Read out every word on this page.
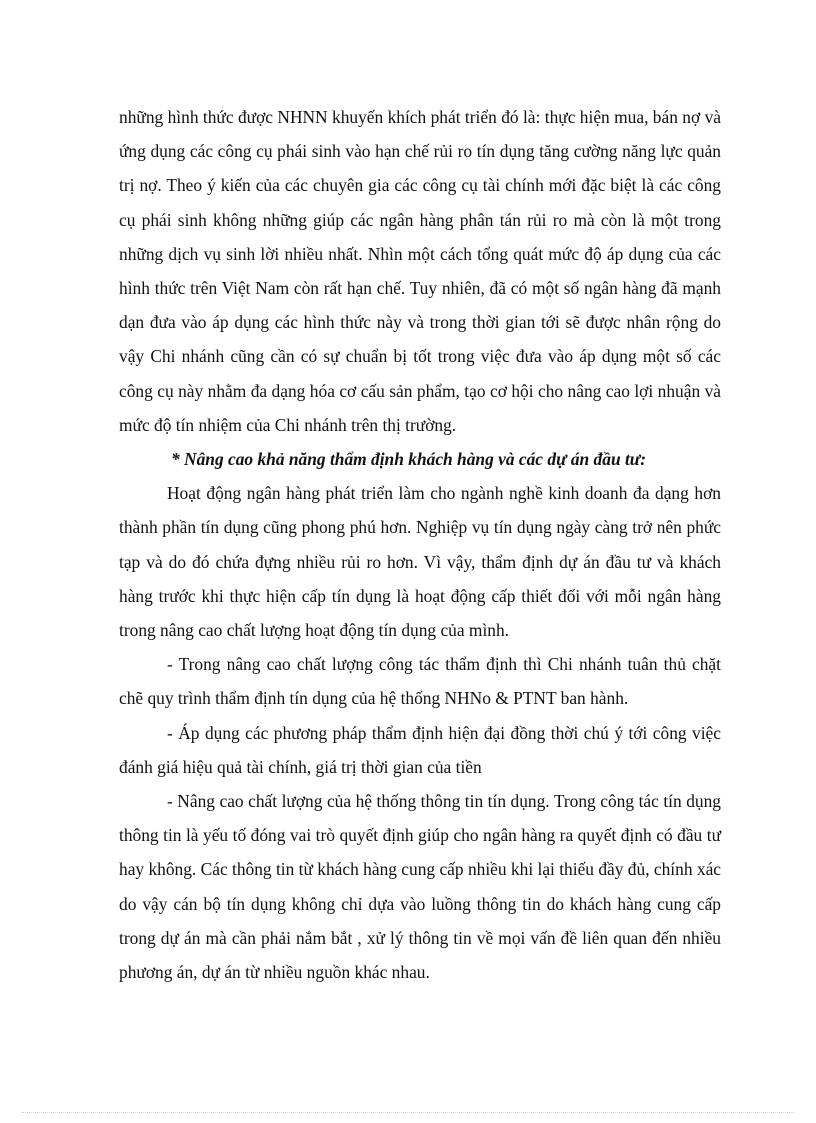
những hình thức được NHNN khuyến khích phát triển đó là: thực hiện mua, bán nợ và ứng dụng các công cụ phái sinh vào hạn chế rủi ro tín dụng tăng cường năng lực quản trị nợ. Theo ý kiến của các chuyên gia các công cụ tài chính mới đặc biệt là các công cụ phái sinh không những giúp các ngân hàng phân tán rủi ro mà còn là một trong những dịch vụ sinh lời nhiều nhất. Nhìn một cách tổng quát mức độ áp dụng của các hình thức trên Việt Nam còn rất hạn chế. Tuy nhiên, đã có một số ngân hàng đã mạnh dạn đưa vào áp dụng các hình thức này và trong thời gian tới sẽ được nhân rộng do vậy Chi nhánh cũng cần có sự chuẩn bị tốt trong việc đưa vào áp dụng một số các công cụ này nhằm đa dạng hóa cơ cấu sản phẩm, tạo cơ hội cho nâng cao lợi nhuận và mức độ tín nhiệm của Chi nhánh trên thị trường.

* Nâng cao khả năng thẩm định khách hàng và các dự án đầu tư:

Hoạt động ngân hàng phát triển làm cho ngành nghề kinh doanh đa dạng hơn thành phần tín dụng cũng phong phú hơn. Nghiệp vụ tín dụng ngày càng trở nên phức tạp và do đó chứa đựng nhiều rủi ro hơn. Vì vậy, thẩm định dự án đầu tư và khách hàng trước khi thực hiện cấp tín dụng là hoạt động cấp thiết đối với mỗi ngân hàng trong nâng cao chất lượng hoạt động tín dụng của mình.

- Trong nâng cao chất lượng công tác thẩm định thì Chi nhánh tuân thủ chặt chẽ quy trình thẩm định tín dụng của hệ thống NHNo & PTNT ban hành.

- Áp dụng các phương pháp thẩm định hiện đại đồng thời chú ý tới công việc đánh giá hiệu quả tài chính, giá trị thời gian của tiền

- Nâng cao chất lượng của hệ thống thông tin tín dụng. Trong công tác tín dụng thông tin là yếu tố đóng vai trò quyết định giúp cho ngân hàng ra quyết định có đầu tư hay không. Các thông tin từ khách hàng cung cấp nhiều khi lại thiếu đầy đủ, chính xác do vậy cán bộ tín dụng không chỉ dựa vào luồng thông tin do khách hàng cung cấp trong dự án mà cần phải nắm bắt , xử lý thông tin về mọi vấn đề liên quan đến nhiều phương án, dự án từ nhiều nguồn khác nhau.
